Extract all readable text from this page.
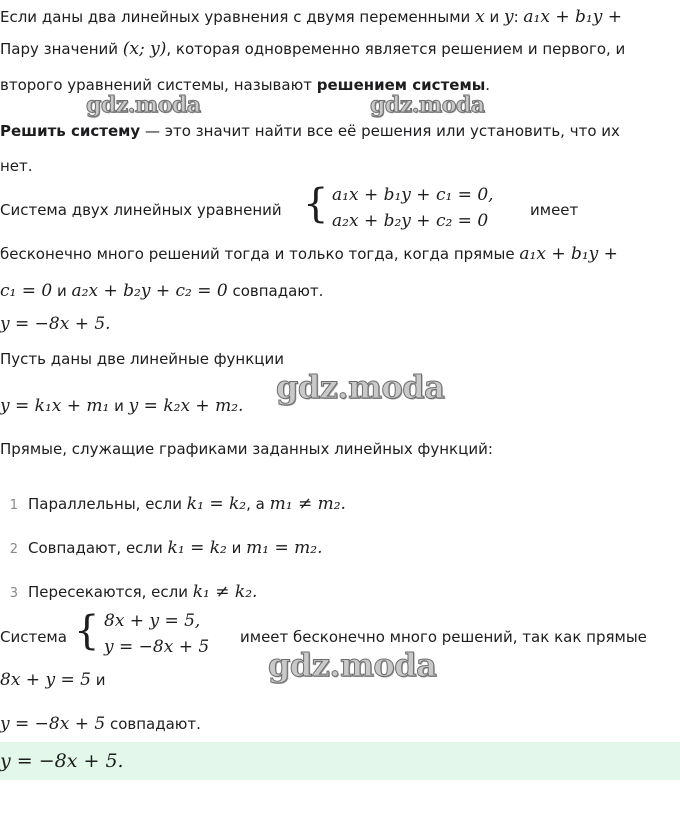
Если даны два линейных уравнения с двумя переменными x и y: a₁x + b₁y +
Пару значений (x; y), которая одновременно является решением и первого, и
второго уравнений системы, называют решением системы.
gdz.moda	gdz.moda
Решить систему — это значит найти все её решения или установить, что их
нет.
Система двух линейных уравнений { a₁x + b₁y + c₁ = 0,
a₂x + b₂y + c₂ = 0
имеет
бесконечно много решений тогда и только тогда, когда прямые a₁x + b₁y +
c₁ = 0 и a₂x + b₂y + c₂ = 0 совпадают.
y = −8x + 5.
Пусть даны две линейные функции
y = k₁x + m₁ и y = k₂x + m₂. gdz.moda
Прямые, служащие графиками заданных линейных функций:
1 Параллельны, если k₁ = k₂, а m₁ ≠ m₂.
2 Совпадают, если k₁ = k₂ и m₁ = m₂.
3 Пересекаются, если k₁ ≠ k₂.
Система { 8x + y = 5,
y = −8x + 5 имеет бесконечно много решений, так как прямые
gdz.moda
8x + y = 5 и
y = −8x + 5 совпадают.
y = −8x + 5.
